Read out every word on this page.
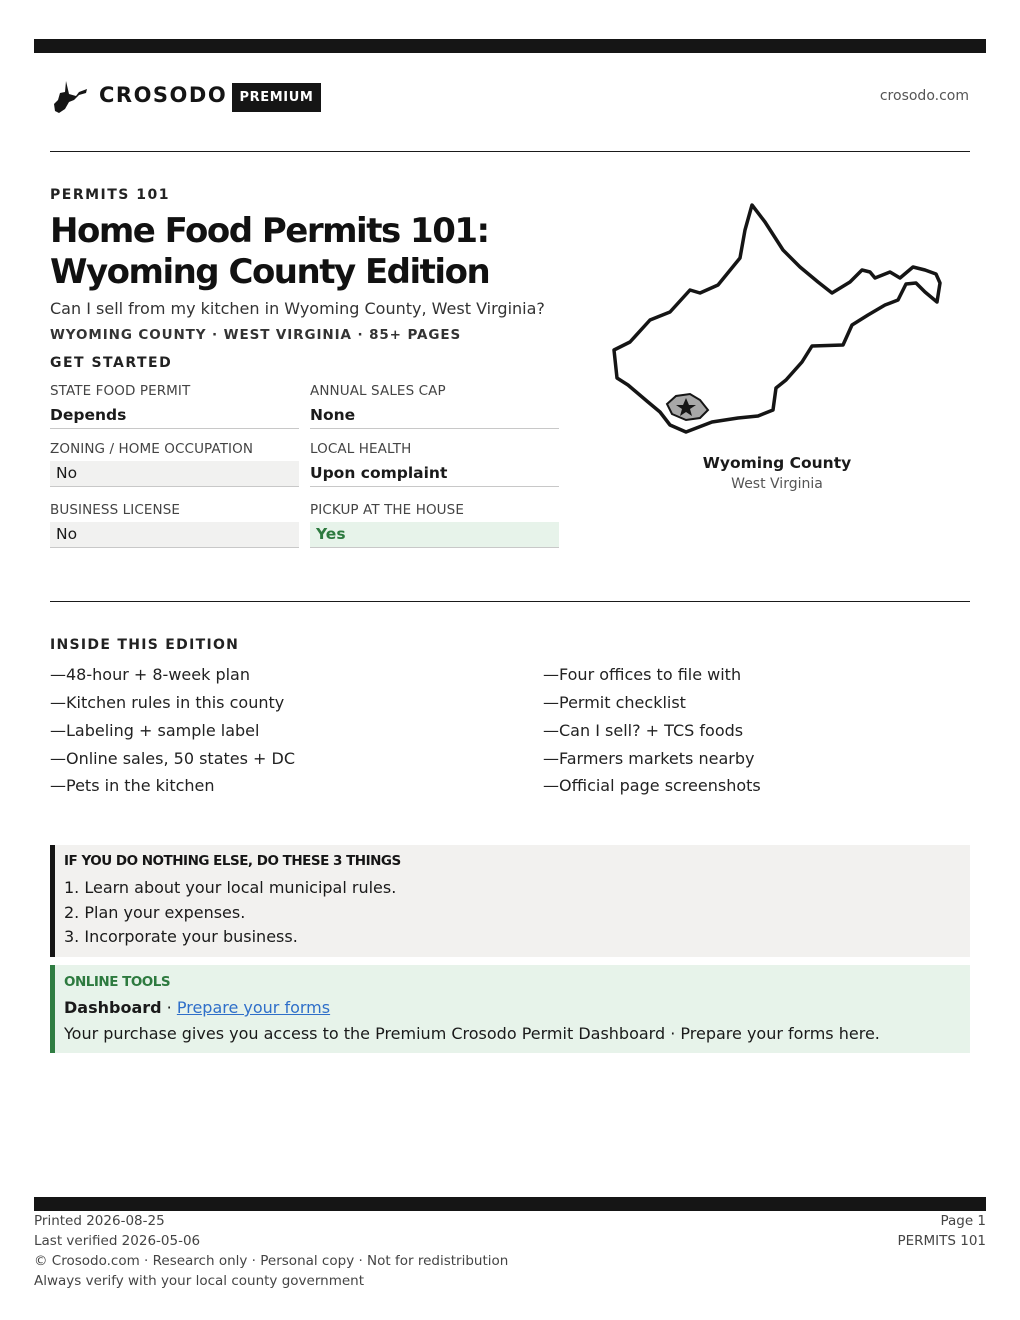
CROSODO PREMIUM	crosodo.com
PERMITS 101
Home Food Permits 101:
Wyoming County Edition
Can I sell from my kitchen in Wyoming County, West Virginia?
WYOMING COUNTY · WEST VIRGINIA · 85+ PAGES
GET STARTED
STATE FOOD PERMIT
Depends
ANNUAL SALES CAP
None
ZONING / HOME OCCUPATION
No
LOCAL HEALTH
Upon complaint
BUSINESS LICENSE
No
PICKUP AT THE HOUSE
Yes
Wyoming County
West Virginia
INSIDE THIS EDITION
—48-hour + 8-week plan
—Kitchen rules in this county
—Labeling + sample label
—Online sales, 50 states + DC
—Pets in the kitchen
—Four offices to file with
—Permit checklist
—Can I sell? + TCS foods
—Farmers markets nearby
—Official page screenshots
IF YOU DO NOTHING ELSE, DO THESE 3 THINGS
1. Learn about your local municipal rules.
2. Plan your expenses.
3. Incorporate your business.
ONLINE TOOLS
Dashboard · Prepare your forms
Your purchase gives you access to the Premium Crosodo Permit Dashboard · Prepare your forms here.
Printed 2026-08-25
Last verified 2026-05-06
© Crosodo.com · Research only · Personal copy · Not for redistribution
Always verify with your local county government
Page 1
PERMITS 101
